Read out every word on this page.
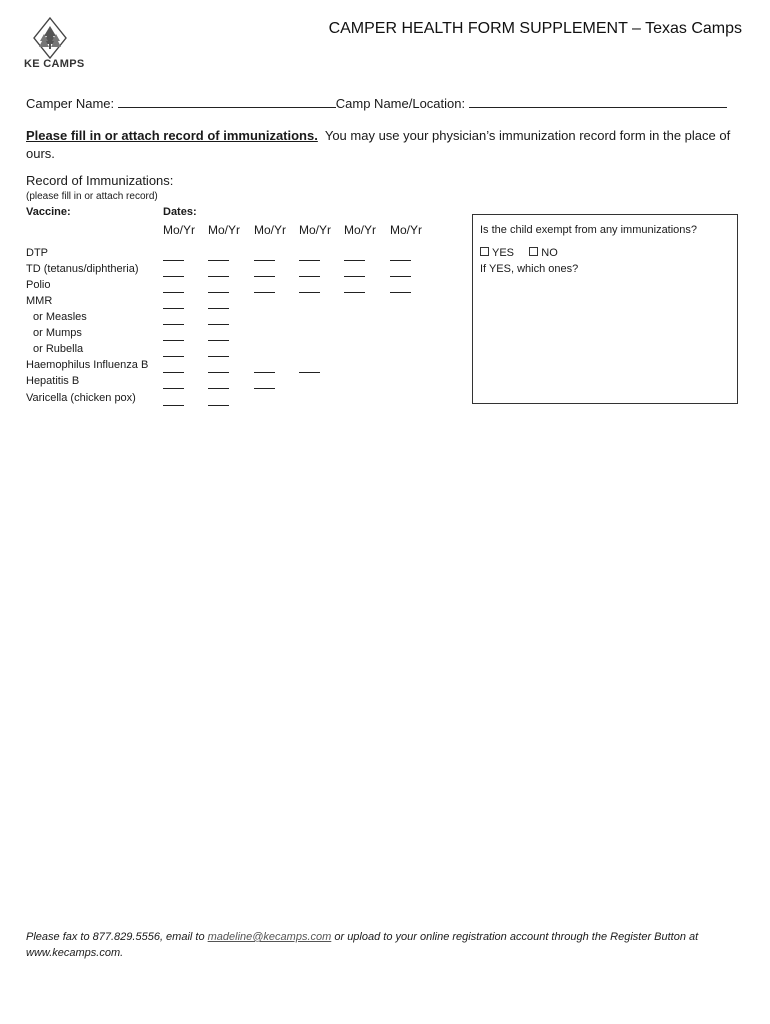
KE CAMPS
CAMPER HEALTH FORM SUPPLEMENT – Texas Camps
Camper Name:	Camp Name/Location:
Please fill in or attach record of immunizations. You may use your physician’s immunization record form in the place of ours.
Record of Immunizations:
(please fill in or attach record)
Vaccine:	Dates:
Mo/Yr Mo/Yr Mo/Yr Mo/Yr Mo/Yr Mo/Yr
DTP
TD (tetanus/diphtheria)
Polio
MMR
or Measles
or Mumps
or Rubella
Haemophilus Influenza B
Hepatitis B
Varicella (chicken pox)
Is the child exempt from any immunizations?
YES NO
If YES, which ones?
Please fax to 877.829.5556, email to madeline@kecamps.com or upload to your online registration account through the Register Button at www.kecamps.com.
